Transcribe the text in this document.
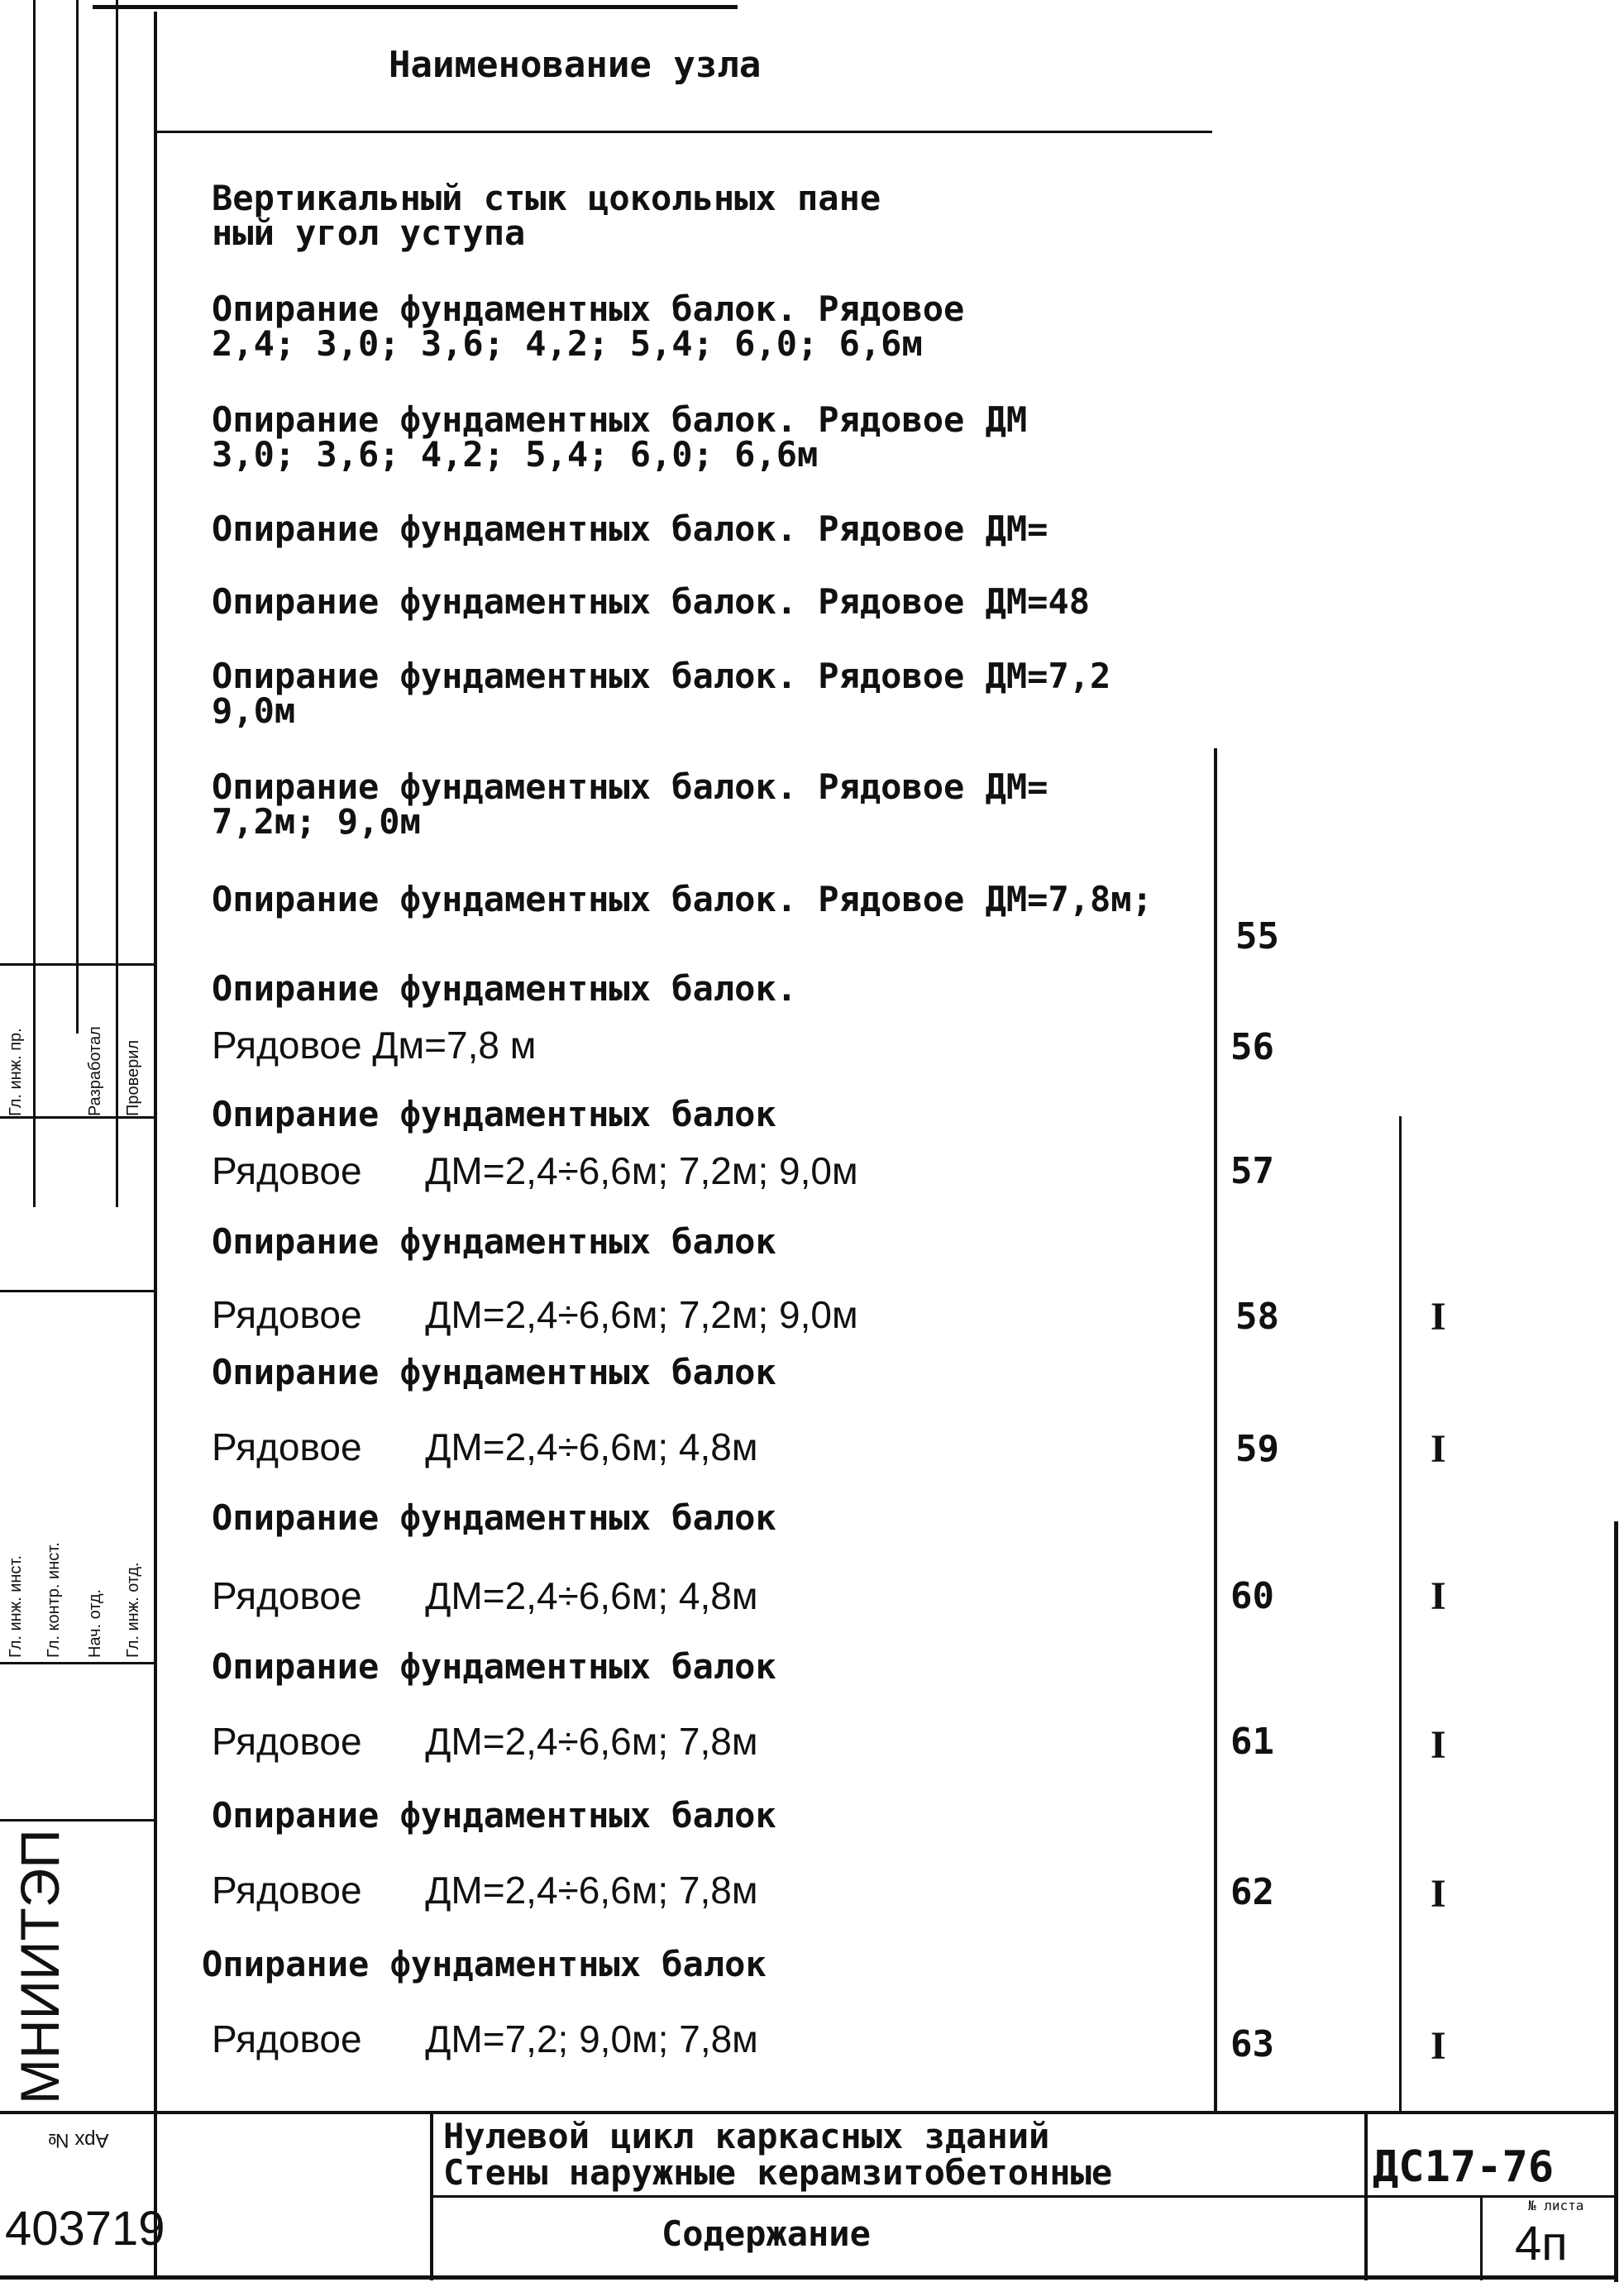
Наименование узла
Вертикальный стык цокольных пане
ный угол уступа
Опирание фундаментных балок. Рядовое
2,4; 3,0; 3,6; 4,2; 5,4; 6,0; 6,6м
Опирание фундаментных балок. Рядовое ДМ
3,0; 3,6; 4,2; 5,4; 6,0; 6,6м
Опирание фундаментных балок. Рядовое ДМ=
Опирание фундаментных балок. Рядовое ДМ=48
Опирание фундаментных балок. Рядовое ДМ=7,2
9,0м
Опирание фундаментных балок. Рядовое ДМ=
7,2м; 9,0м
Опирание фундаментных балок. Рядовое ДМ=7,8м;
55
Опирание фундаментных балок.
Рядовое Дм=7,8 м	56
Опирание фундаментных балок
Рядовое      ДМ=2,4÷6,6м; 7,2м; 9,0м	57
Опирание фундаментных балок
Рядовое      ДМ=2,4÷6,6м; 7,2м; 9,0м	58	I
Опирание фундаментных балок
Рядовое      ДМ=2,4÷6,6м; 4,8м	59	I
Опирание фундаментных балок
Рядовое      ДМ=2,4÷6,6м; 4,8м	60	I
Опирание фундаментных балок
Рядовое      ДМ=2,4÷6,6м; 7,8м	61	I
Опирание фундаментных балок
Рядовое      ДМ=2,4÷6,6м; 7,8м	62	I
Опирание фундаментных балок
Рядовое      ДМ=7,2; 9,0м; 7,8м	63	I
Гл. инж. пр.	Разработал Проверил
Гл. инж. инст. Гл. контр. инст. Нач. отд. Гл. инж. отд.
МНИИТЭП
Арх №
403719
Нулевой цикл каркасных зданий
Стены наружные керамзитобетонные
Содержание
ДС17-76
№ листа
4п
